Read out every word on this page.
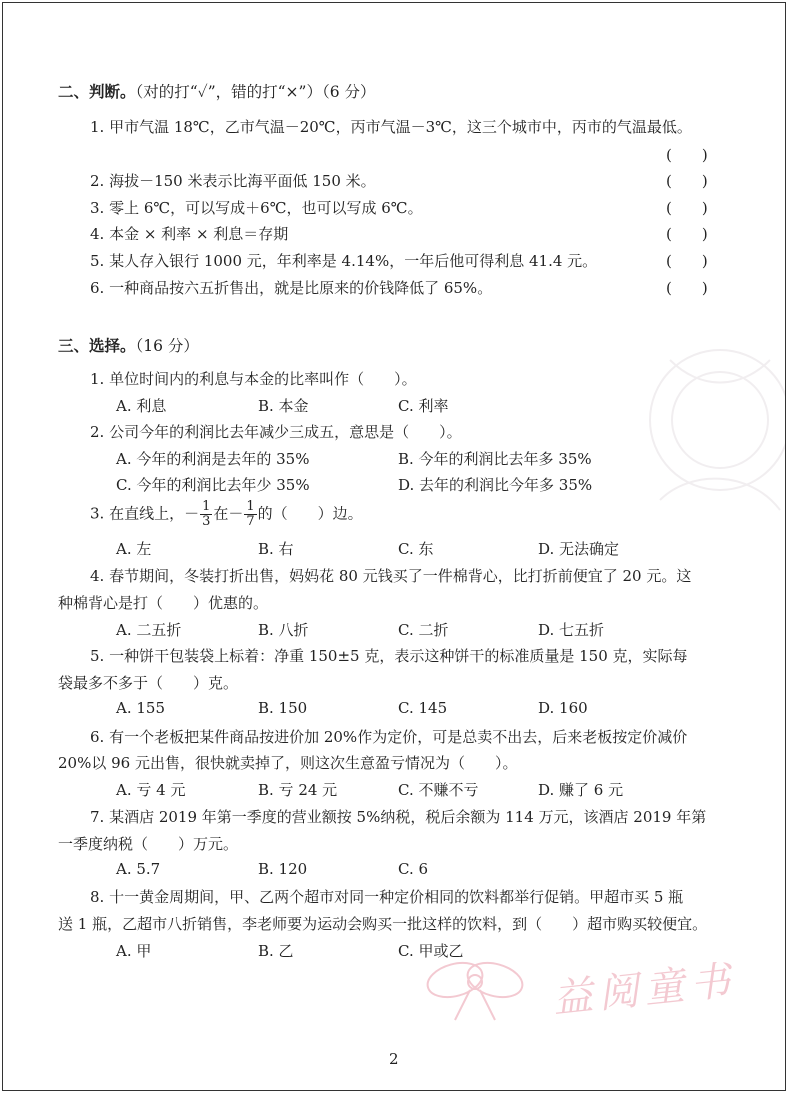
二、判断。（对的打“✓”，错的打“×”）（6 分）
1. 甲市气温 18℃，乙市气温－20℃，丙市气温－3℃，这三个城市中，丙市的气温最低。
(　　)
2. 海拔－150 米表示比海平面低 150 米。	(　　)
3. 零上 6℃，可以写成＋6℃，也可以写成 6℃。	(　　)
4. 本金 × 利率 × 利息＝存期	(　　)
5. 某人存入银行 1000 元，年利率是 4.14%，一年后他可得利息 41.4 元。	(　　)
6. 一种商品按六五折售出，就是比原来的价钱降低了 65%。	(　　)
三、选择。（16 分）
1. 单位时间内的利息与本金的比率叫作（　　）。
A. 利息	B. 本金	C. 利率
2. 公司今年的利润比去年减少三成五，意思是（　　）。
A. 今年的利润是去年的 35%	B. 今年的利润比去年多 35%
C. 今年的利润比去年少 35%	D. 去年的利润比今年多 35%
3. 在直线上，－ $\frac{1}{3}$ 在－ $\frac{1}{7}$ 的（　　）边。
A. 左	B. 右	C. 东	D. 无法确定
4. 春节期间，冬装打折出售，妈妈花 80 元钱买了一件棉背心，比打折前便宜了 20 元。这
种棉背心是打（　　）优惠的。
A. 二五折	B. 八折	C. 二折	D. 七五折
5. 一种饼干包装袋上标着：净重 150±5 克，表示这种饼干的标准质量是 150 克，实际每
袋最多不多于（　　）克。
A. 155	B. 150	C. 145	D. 160
6. 有一个老板把某件商品按进价加 20%作为定价，可是总卖不出去，后来老板按定价减价
20%以 96 元出售，很快就卖掉了，则这次生意盈亏情况为（　　）。
A. 亏 4 元	B. 亏 24 元	C. 不赚不亏	D. 赚了 6 元
7. 某酒店 2019 年第一季度的营业额按 5%纳税，税后余额为 114 万元，该酒店 2019 年第
一季度纳税（　　）万元。
A. 5.7	B. 120	C. 6
8. 十一黄金周期间，甲、乙两个超市对同一种定价相同的饮料都举行促销。甲超市买 5 瓶
送 1 瓶，乙超市八折销售，李老师要为运动会购买一批这样的饮料，到（　　）超市购买较便宜。
A. 甲	B. 乙	C. 甲或乙
益阅童书
2
